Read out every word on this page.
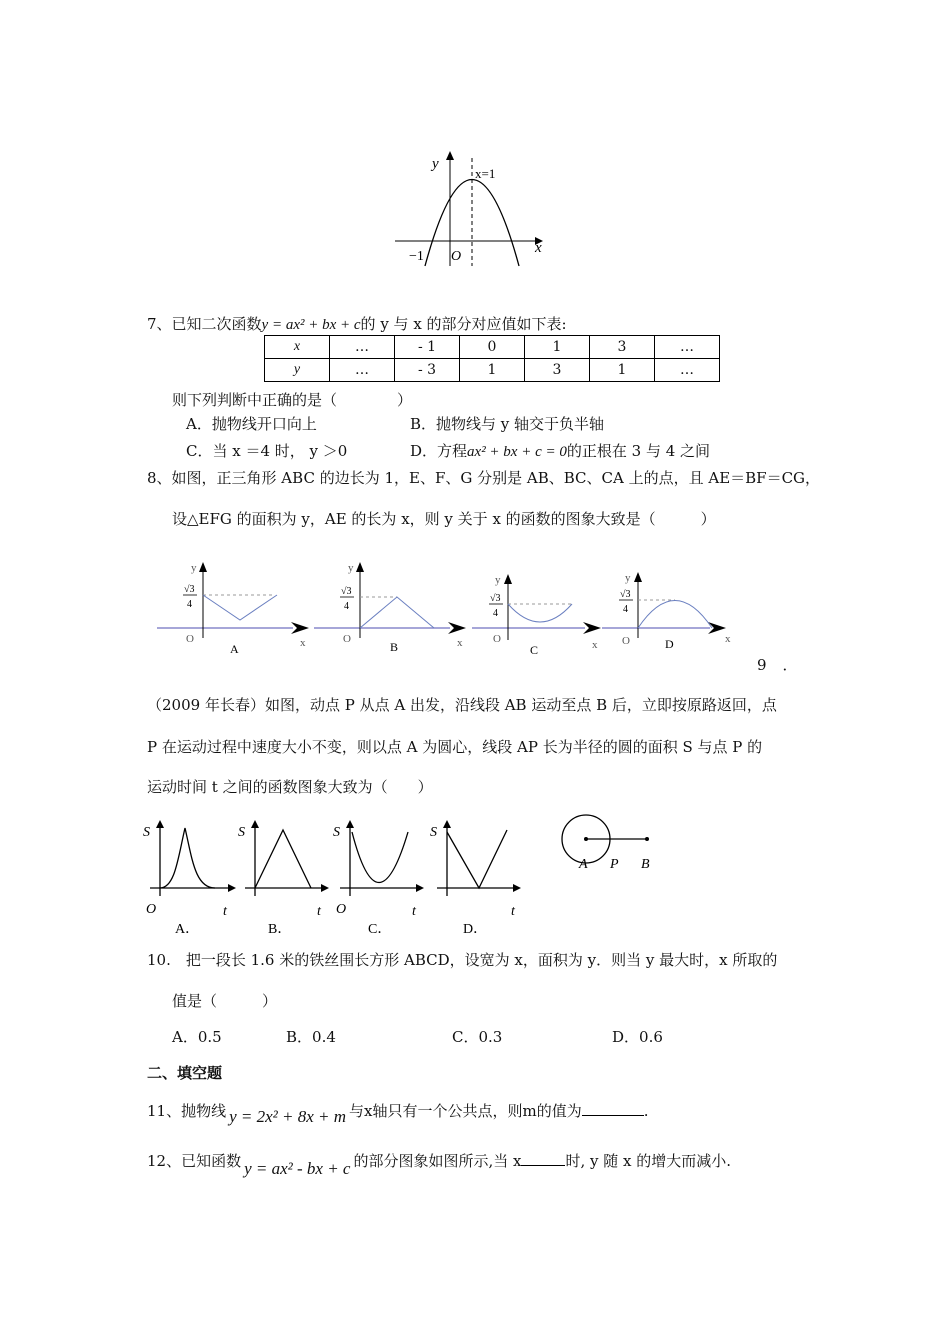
y
x
x=1
−1 O
7、已知二次函数y = ax² + bx + c的 y 与 x 的部分对应值如下表:
x	…	- 1	0	1	3	…
y	…	- 3	1	3	1	…
则下列判断中正确的是（　　　　）
A．抛物线开口向上	B．抛物线与 y 轴交于负半轴
C．当 x ＝4 时， y ＞0	D．方程ax² + bx + c = 0的正根在 3 与 4 之间
8、如图，正三角形 ABC 的边长为 1，E、F、G 分别是 AB、BC、CA 上的点，且 AE＝BF＝CG，
设△EFG 的面积为 y，AE 的长为 x，则 y 关于 x 的函数的图象大致是（　　　）
y
√3
4
O	x
A
y
√3
4
O	x
B
y
√3
4
O	x
C
y
√3
4
O	x
D
9 ．
（2009 年长春）如图，动点 P 从点 A 出发，沿线段 AB 运动至点 B 后，立即按原路返回，点
P 在运动过程中速度大小不变，则以点 A 为圆心，线段 AP 长为半径的圆的面积 S 与点 P 的
运动时间 t 之间的函数图象大致为（　　）
S
O	t
A．
S
t
B．
S
O	t
C．
S
t
D．
A P B
10.　把一段长 1.6 米的铁丝围长方形 ABCD，设宽为 x，面积为 y．则当 y 最大时，x 所取的
值是（　　　）
A．0.5	B．0.4	C．0.3	D．0.6
二、填空题
11、抛物线 y = 2x² + 8x + m 与x轴只有一个公共点，则m的值为	.
12、已知函数 y = ax² - bx + c 的部分图象如图所示,当 x	时, y 随 x 的增大而减小.
